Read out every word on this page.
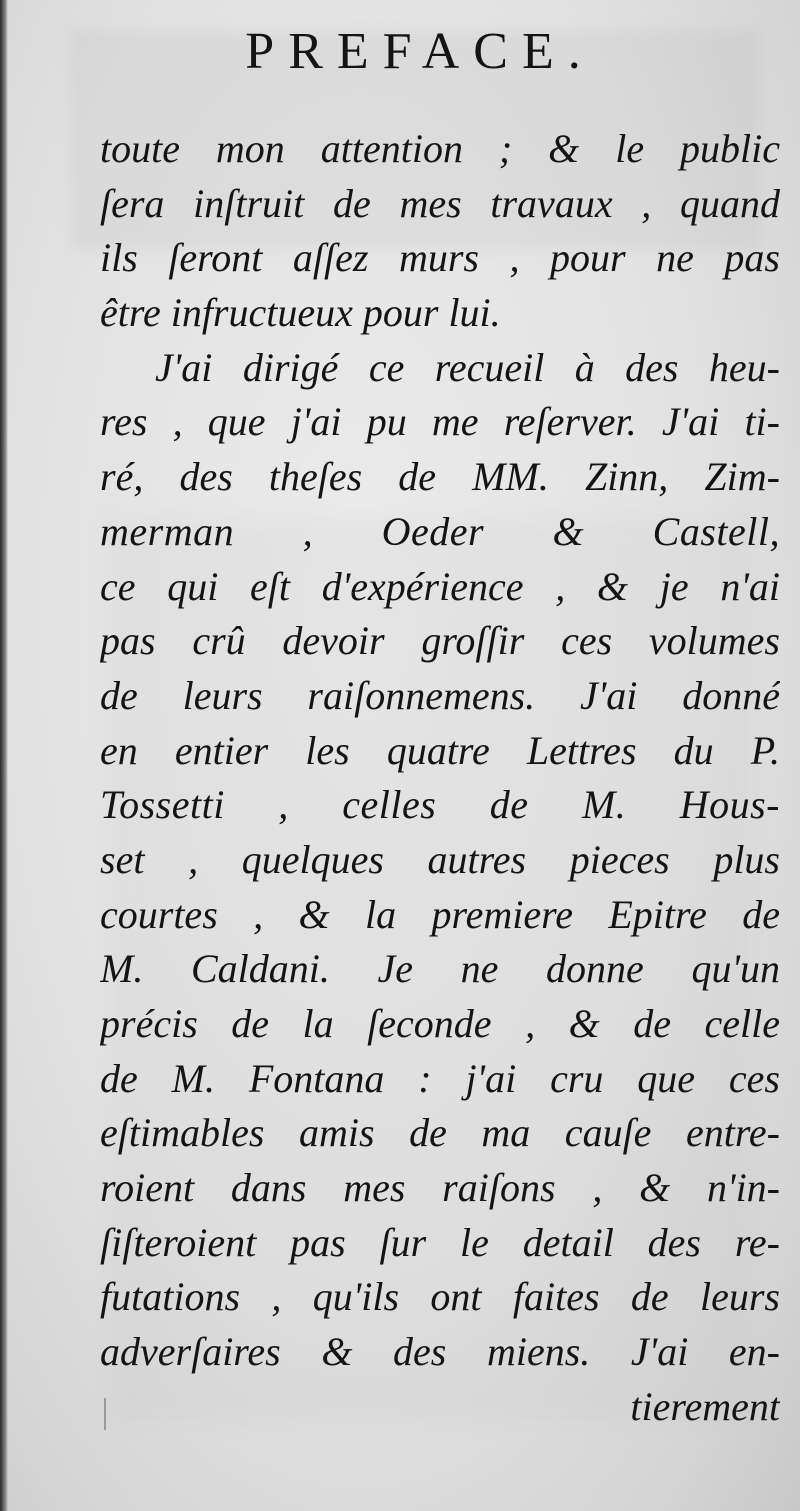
PREFACE.
toute mon attention ; & le public
ſera inſtruit de mes travaux , quand
ils ſeront aſſez murs , pour ne pas
être infructueux pour lui.
J'ai dirigé ce recueil à des heu-
res , que j'ai pu me reſerver. J'ai ti-
ré, des theſes de MM. Zinn, Zim-
merman , Oeder & Castell,
ce qui eſt d'expérience , & je n'ai
pas crû devoir groſſir ces volumes
de leurs raiſonnemens. J'ai donné
en entier les quatre Lettres du P.
Tossetti , celles de M. Hous-
set , quelques autres pieces plus
courtes , & la premiere Epitre de
M. Caldani. Je ne donne qu'un
précis de la ſeconde , & de celle
de M. Fontana : j'ai cru que ces
eſtimables amis de ma cauſe entre-
roient dans mes raiſons , & n'in-
ſiſteroient pas ſur le detail des re-
futations , qu'ils ont faites de leurs
adverſaires & des miens. J'ai en-
tierement
